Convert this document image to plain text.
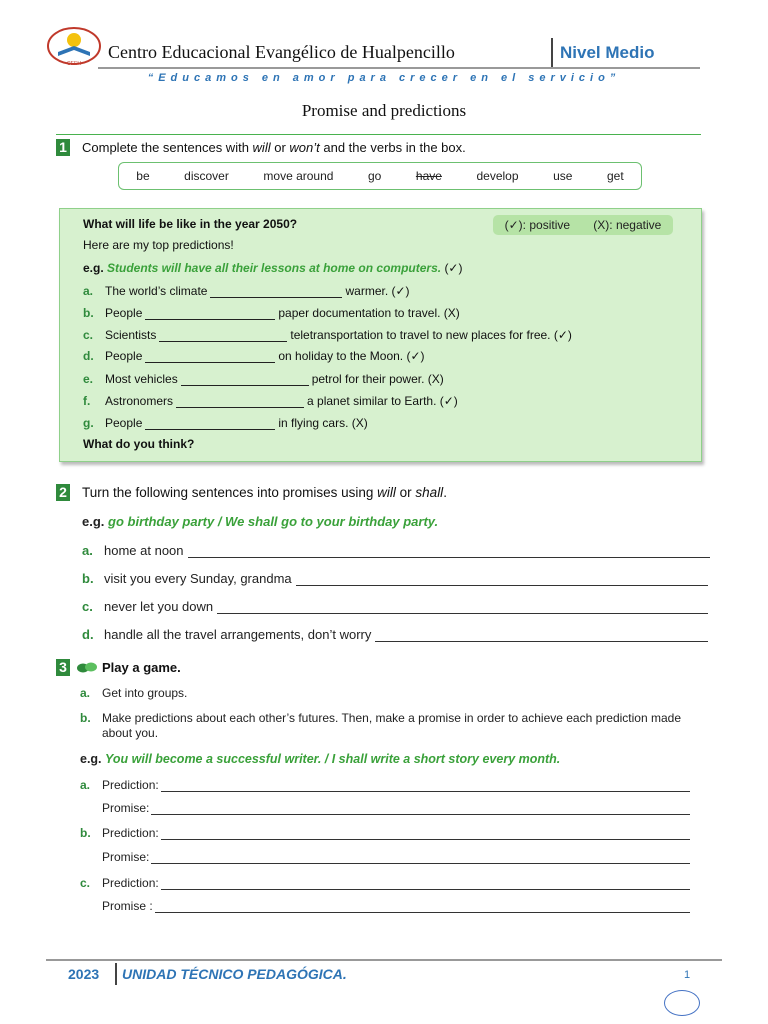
CEEH
Centro Educacional Evangélico de Hualpencillo	Nivel Medio
“Educamos en amor para crecer en el servicio”
Promise and predictions
1 Complete the sentences with will or won’t and the verbs in the box.
be	discover	move around	go	have	develop	use	get
What will life be like in the year 2050?	(✓): positive (X): negative
Here are my top predictions!
e.g. Students will have all their lessons at home on computers. (✓)
a. The world’s climate	warmer. (✓)
b. People	paper documentation to travel. (X)
c. Scientists	teletransportation to travel to new places for free. (✓)
d. People	on holiday to the Moon. (✓)
e. Most vehicles	petrol for their power. (X)
f. Astronomers	a planet similar to Earth. (✓)
g. People	in flying cars. (X)
What do you think?
2 Turn the following sentences into promises using will or shall.
e.g. go birthday party / We shall go to your birthday party.
a. home at noon
b. visit you every Sunday, grandma
c. never let you down
d. handle all the travel arrangements, don’t worry
3	Play a game.
a. Get into groups.
b. Make predictions about each other’s futures. Then, make a promise in order to achieve each prediction made about you.
e.g. You will become a successful writer. / I shall write a short story every month.
a. Prediction:
Promise:
b. Prediction:
Promise:
c. Prediction:
Promise :
2023 UNIDAD TÉCNICO PEDAGÓGICA.	1
